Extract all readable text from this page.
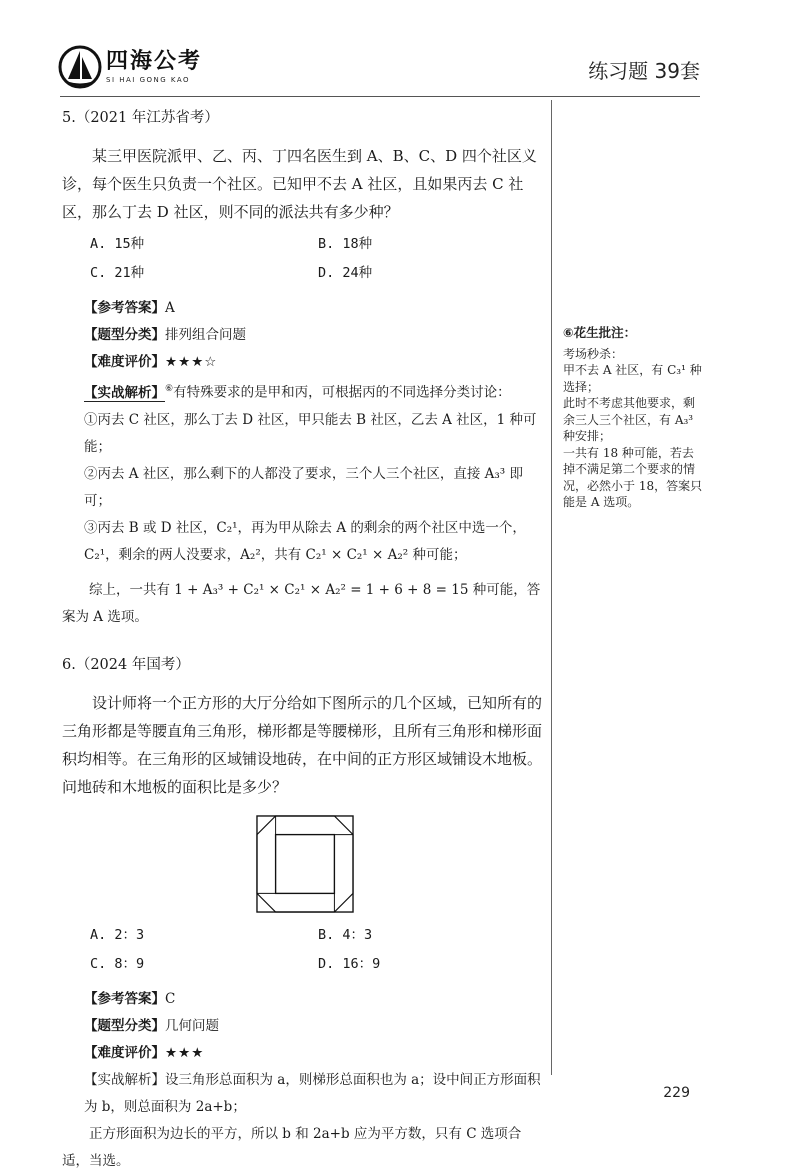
四海公考
SI HAI GONG KAO	练习题 39套
5.（2021 年江苏省考）

某三甲医院派甲、乙、丙、丁四名医生到 A、B、C、D 四个社区义诊，每个医生只负责一个社区。已知甲不去 A 社区，且如果丙去 C 社区，那么丁去 D 社区，则不同的派法共有多少种？

A. 15种	B. 18种
C. 21种	D. 24种
【参考答案】A
【题型分类】排列组合问题
【难度评价】★★★☆
【实战解析】⑥有特殊要求的是甲和丙，可根据丙的不同选择分类讨论：
①丙去 C 社区，那么丁去 D 社区，甲只能去 B 社区，乙去 A 社区，1 种可能；
②丙去 A 社区，那么剩下的人都没了要求，三个人三个社区，直接 A₃³ 即可；
③丙去 B 或 D 社区，C₂¹，再为甲从除去 A 的剩余的两个社区中选一个，
C₂¹，剩余的两人没要求，A₂²，共有 C₂¹ × C₂¹ × A₂² 种可能；
综上，一共有 1 + A₃³ + C₂¹ × C₂¹ × A₂² = 1 + 6 + 8 = 15 种可能，答案为 A 选项。
6.（2024 年国考）

设计师将一个正方形的大厅分给如下图所示的几个区域，已知所有的三角形都是等腰直角三角形，梯形都是等腰梯形，且所有三角形和梯形面积均相等。在三角形的区域铺设地砖，在中间的正方形区域铺设木地板。问地砖和木地板的面积比是多少？

A. 2：3	B. 4：3
C. 8：9	D. 16：9
【参考答案】C
【题型分类】几何问题
【难度评价】★★★
【实战解析】设三角形总面积为 a，则梯形总面积也为 a；设中间正方形面积为 b，则总面积为 2a+b；
正方形面积为边长的平方，所以 b 和 2a+b 应为平方数，只有 C 选项合适，当选。
⑥花生批注：
考场秒杀：
甲不去 A 社区，有 C₃¹ 种选择；
此时不考虑其他要求，剩余三人三个社区，有 A₃³ 种安排；
一共有 18 种可能，若去掉不满足第二个要求的情况，必然小于 18，答案只能是 A 选项。
229
